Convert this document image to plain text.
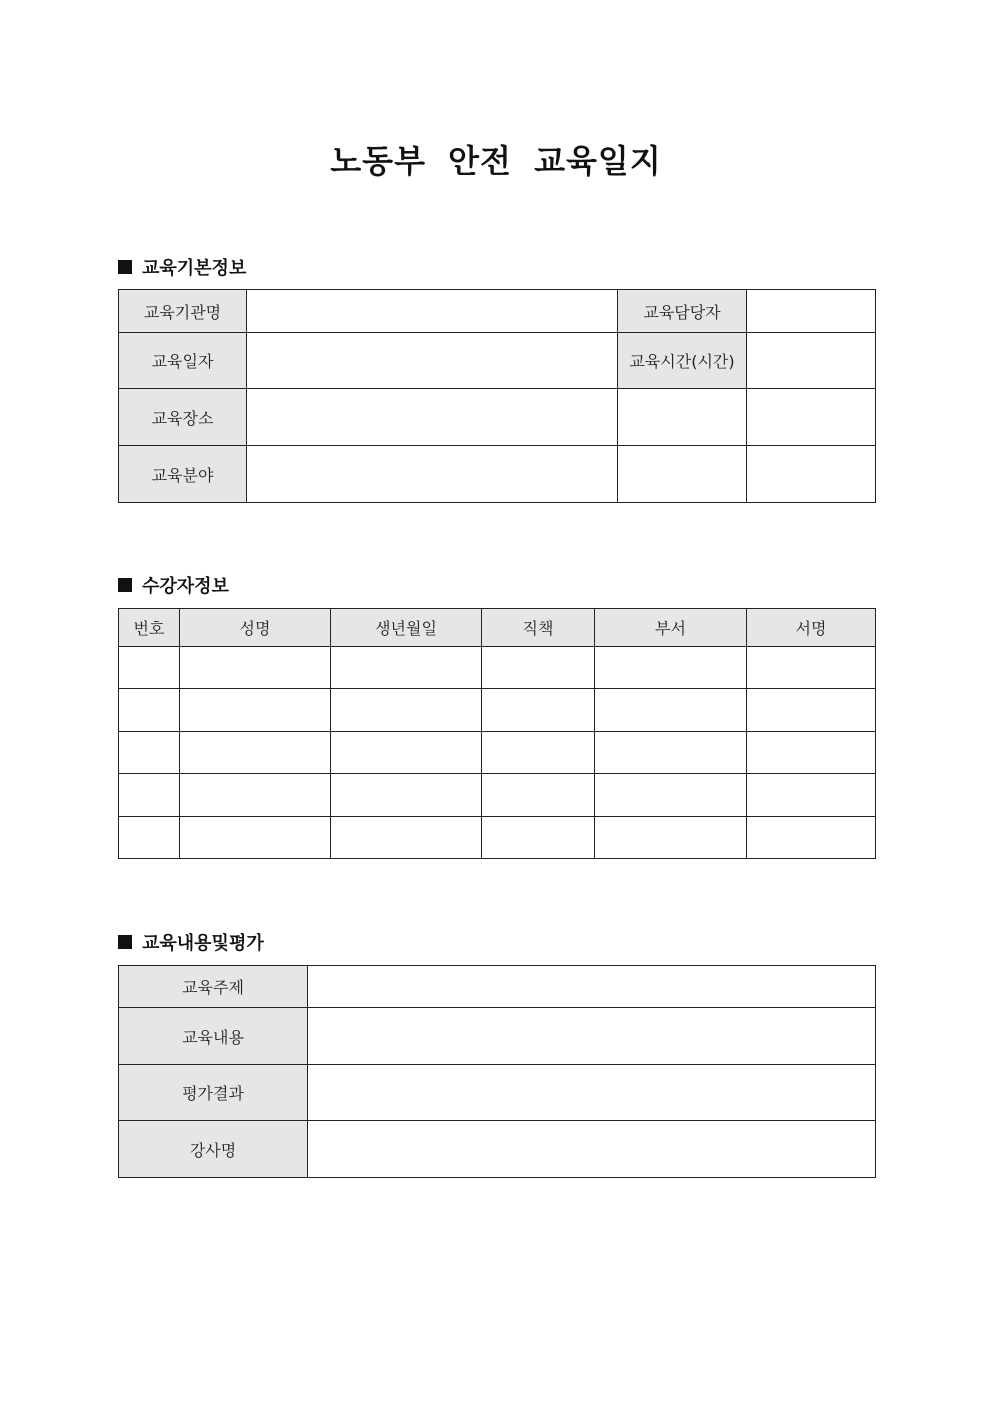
노동부 안전 교육일지
교육기본정보
교육기관명		교육담당자	
교육일자		교육시간(시간)	
교육장소			
교육분야			
수강자정보
번호	성명	생년월일	직책	부서	서명

교육내용및평가
교육주제	
교육내용	
평가결과	
강사명	
